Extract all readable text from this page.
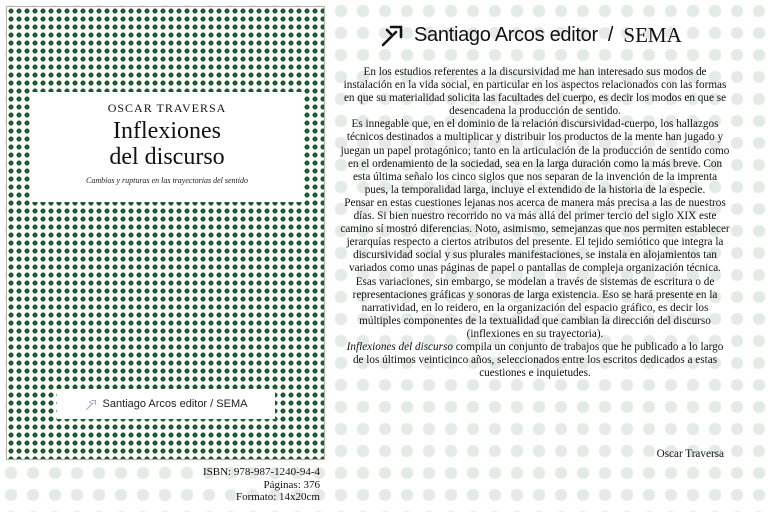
OSCAR TRAVERSA
Inflexiones
del discurso
Cambios y rupturas en las trayectorias del sentido
Santiago Arcos editor / SEMA
ISBN: 978-987-1240-94-4
Páginas: 376
Formato: 14x20cm
Santiago Arcos editor / SEMA

En los estudios referentes a la discursividad me han interesado sus modos de instalación en la vida social, en particular en los aspectos relacionados con las formas en que su materialidad solicita las facultades del cuerpo, es decir los modos en que se desencadena la producción de sentido.

Es innegable que, en el dominio de la relación discursividad-cuerpo, los hallazgos técnicos destinados a multiplicar y distribuir los productos de la mente han jugado y juegan un papel protagónico; tanto en la articulación de la producción de sentido como en el ordenamiento de la sociedad, sea en la larga duración como la más breve. Con esta última señalo los cinco siglos que nos separan de la invención de la imprenta pues, la temporalidad larga, incluye el extendido de la historia de la especie.

Pensar en estas cuestiones lejanas nos acerca de manera más precisa a las de nuestros días. Si bien nuestro recorrido no va más allá del primer tercio del siglo XIX este camino sí mostró diferencias. Noto, asimismo, semejanzas que nos permiten establecer jerarquías respecto a ciertos atributos del presente. El tejido semiótico que integra la discursividad social y sus plurales manifestaciones, se instala en alojamientos tan variados como unas páginas de papel o pantallas de compleja organización técnica. Esas variaciones, sin embargo, se modelan a través de sistemas de escritura o de representaciones gráficas y sonoras de larga existencia. Eso se hará presente en la narratividad, en lo reidero, en la organización del espacio gráfico, es decir los múltiples componentes de la textualidad que cambian la dirección del discurso (inflexiones en su trayectoria).

Inflexiones del discurso compila un conjunto de trabajos que he publicado a lo largo de los últimos veinticinco años, seleccionados entre los escritos dedicados a estas cuestiones e inquietudes.

Oscar Traversa
